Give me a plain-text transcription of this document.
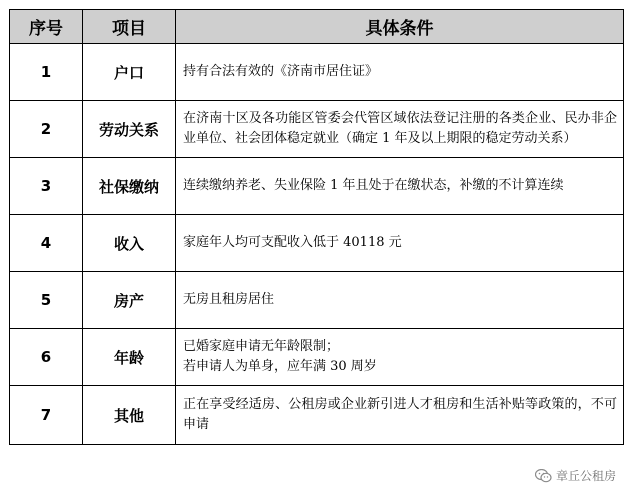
序号	项目	具体条件
1	户口	持有合法有效的《济南市居住证》
2	劳动关系	在济南十区及各功能区管委会代管区域依法登记注册的各类企业、民办非企业单位、社会团体稳定就业（确定 1 年及以上期限的稳定劳动关系）
3	社保缴纳	连续缴纳养老、失业保险 1 年且处于在缴状态，补缴的不计算连续
4	收入	家庭年人均可支配收入低于 40118 元
5	房产	无房且租房居住
6	年龄	已婚家庭申请无年龄限制；
若申请人为单身，应年满 30 周岁

7	其他	正在享受经适房、公租房或企业新引进人才租房和生活补贴等政策的，不可申请
章丘公租房
